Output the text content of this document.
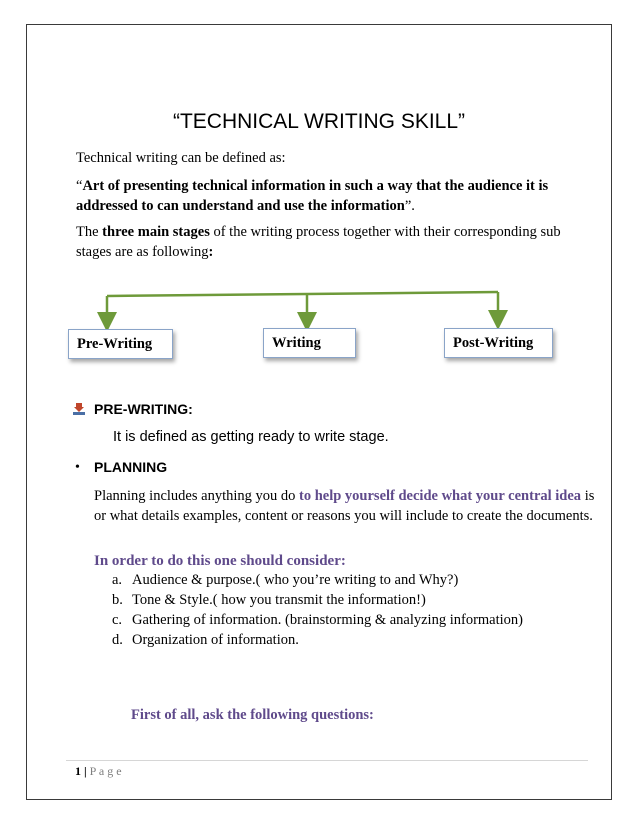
“TECHNICAL WRITING SKILL”
Technical writing can be defined as:
“Art of presenting technical information in such a way that the audience it is addressed to can understand and use the information”.
The three main stages of the writing process together with their corresponding sub stages are as following:
Pre-Writing	Writing	Post-Writing
PRE-WRITING:
It is defined as getting ready to write stage.
• PLANNING
Planning includes anything you do to help yourself decide what your central idea is or what details examples, content or reasons you will include to create the documents.
In order to do this one should consider:
a. Audience & purpose.( who you’re writing to and Why?)
b. Tone & Style.( how you transmit the information!)
c. Gathering of information. (brainstorming & analyzing information)
d. Organization of information.
First of all, ask the following questions:
1 | P a g e
